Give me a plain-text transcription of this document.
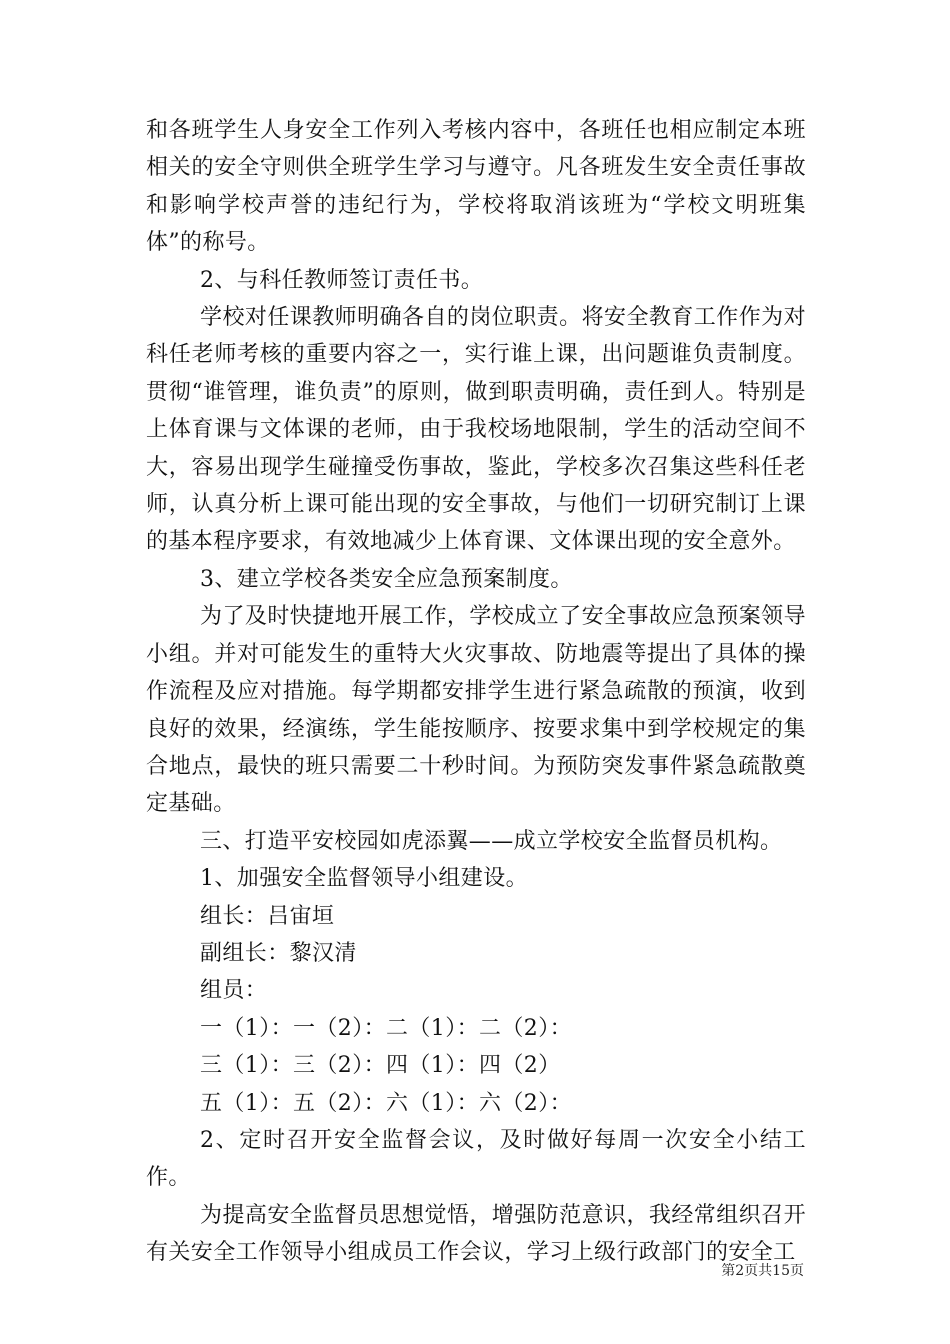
和各班学生人身安全工作列入考核内容中，各班任也相应制定本班相关的安全守则供全班学生学习与遵守。凡各班发生安全责任事故和影响学校声誉的违纪行为，学校将取消该班为“学校文明班集体”的称号。

2、与科任教师签订责任书。

学校对任课教师明确各自的岗位职责。将安全教育工作作为对科任老师考核的重要内容之一，实行谁上课，出问题谁负责制度。贯彻“谁管理，谁负责”的原则，做到职责明确，责任到人。特别是上体育课与文体课的老师，由于我校场地限制，学生的活动空间不大，容易出现学生碰撞受伤事故，鉴此，学校多次召集这些科任老师，认真分析上课可能出现的安全事故，与他们一切研究制订上课的基本程序要求，有效地减少上体育课、文体课出现的安全意外。

3、建立学校各类安全应急预案制度。

为了及时快捷地开展工作，学校成立了安全事故应急预案领导小组。并对可能发生的重特大火灾事故、防地震等提出了具体的操作流程及应对措施。每学期都安排学生进行紧急疏散的预演，收到良好的效果，经演练，学生能按顺序、按要求集中到学校规定的集合地点，最快的班只需要二十秒时间。为预防突发事件紧急疏散奠定基础。

三、打造平安校园如虎添翼——成立学校安全监督员机构。

1、加强安全监督领导小组建设。

组长：吕宙垣

副组长：黎汉清

组员：

一（1）：一（2）：二（1）：二（2）：

三（1）：三（2）：四（1）：四（2）

五（1）：五（2）：六（1）：六（2）：

2、定时召开安全监督会议，及时做好每周一次安全小结工作。

为提高安全监督员思想觉悟，增强防范意识，我经常组织召开有关安全工作领导小组成员工作会议，学习上级行政部门的安全工

第2页共15页
